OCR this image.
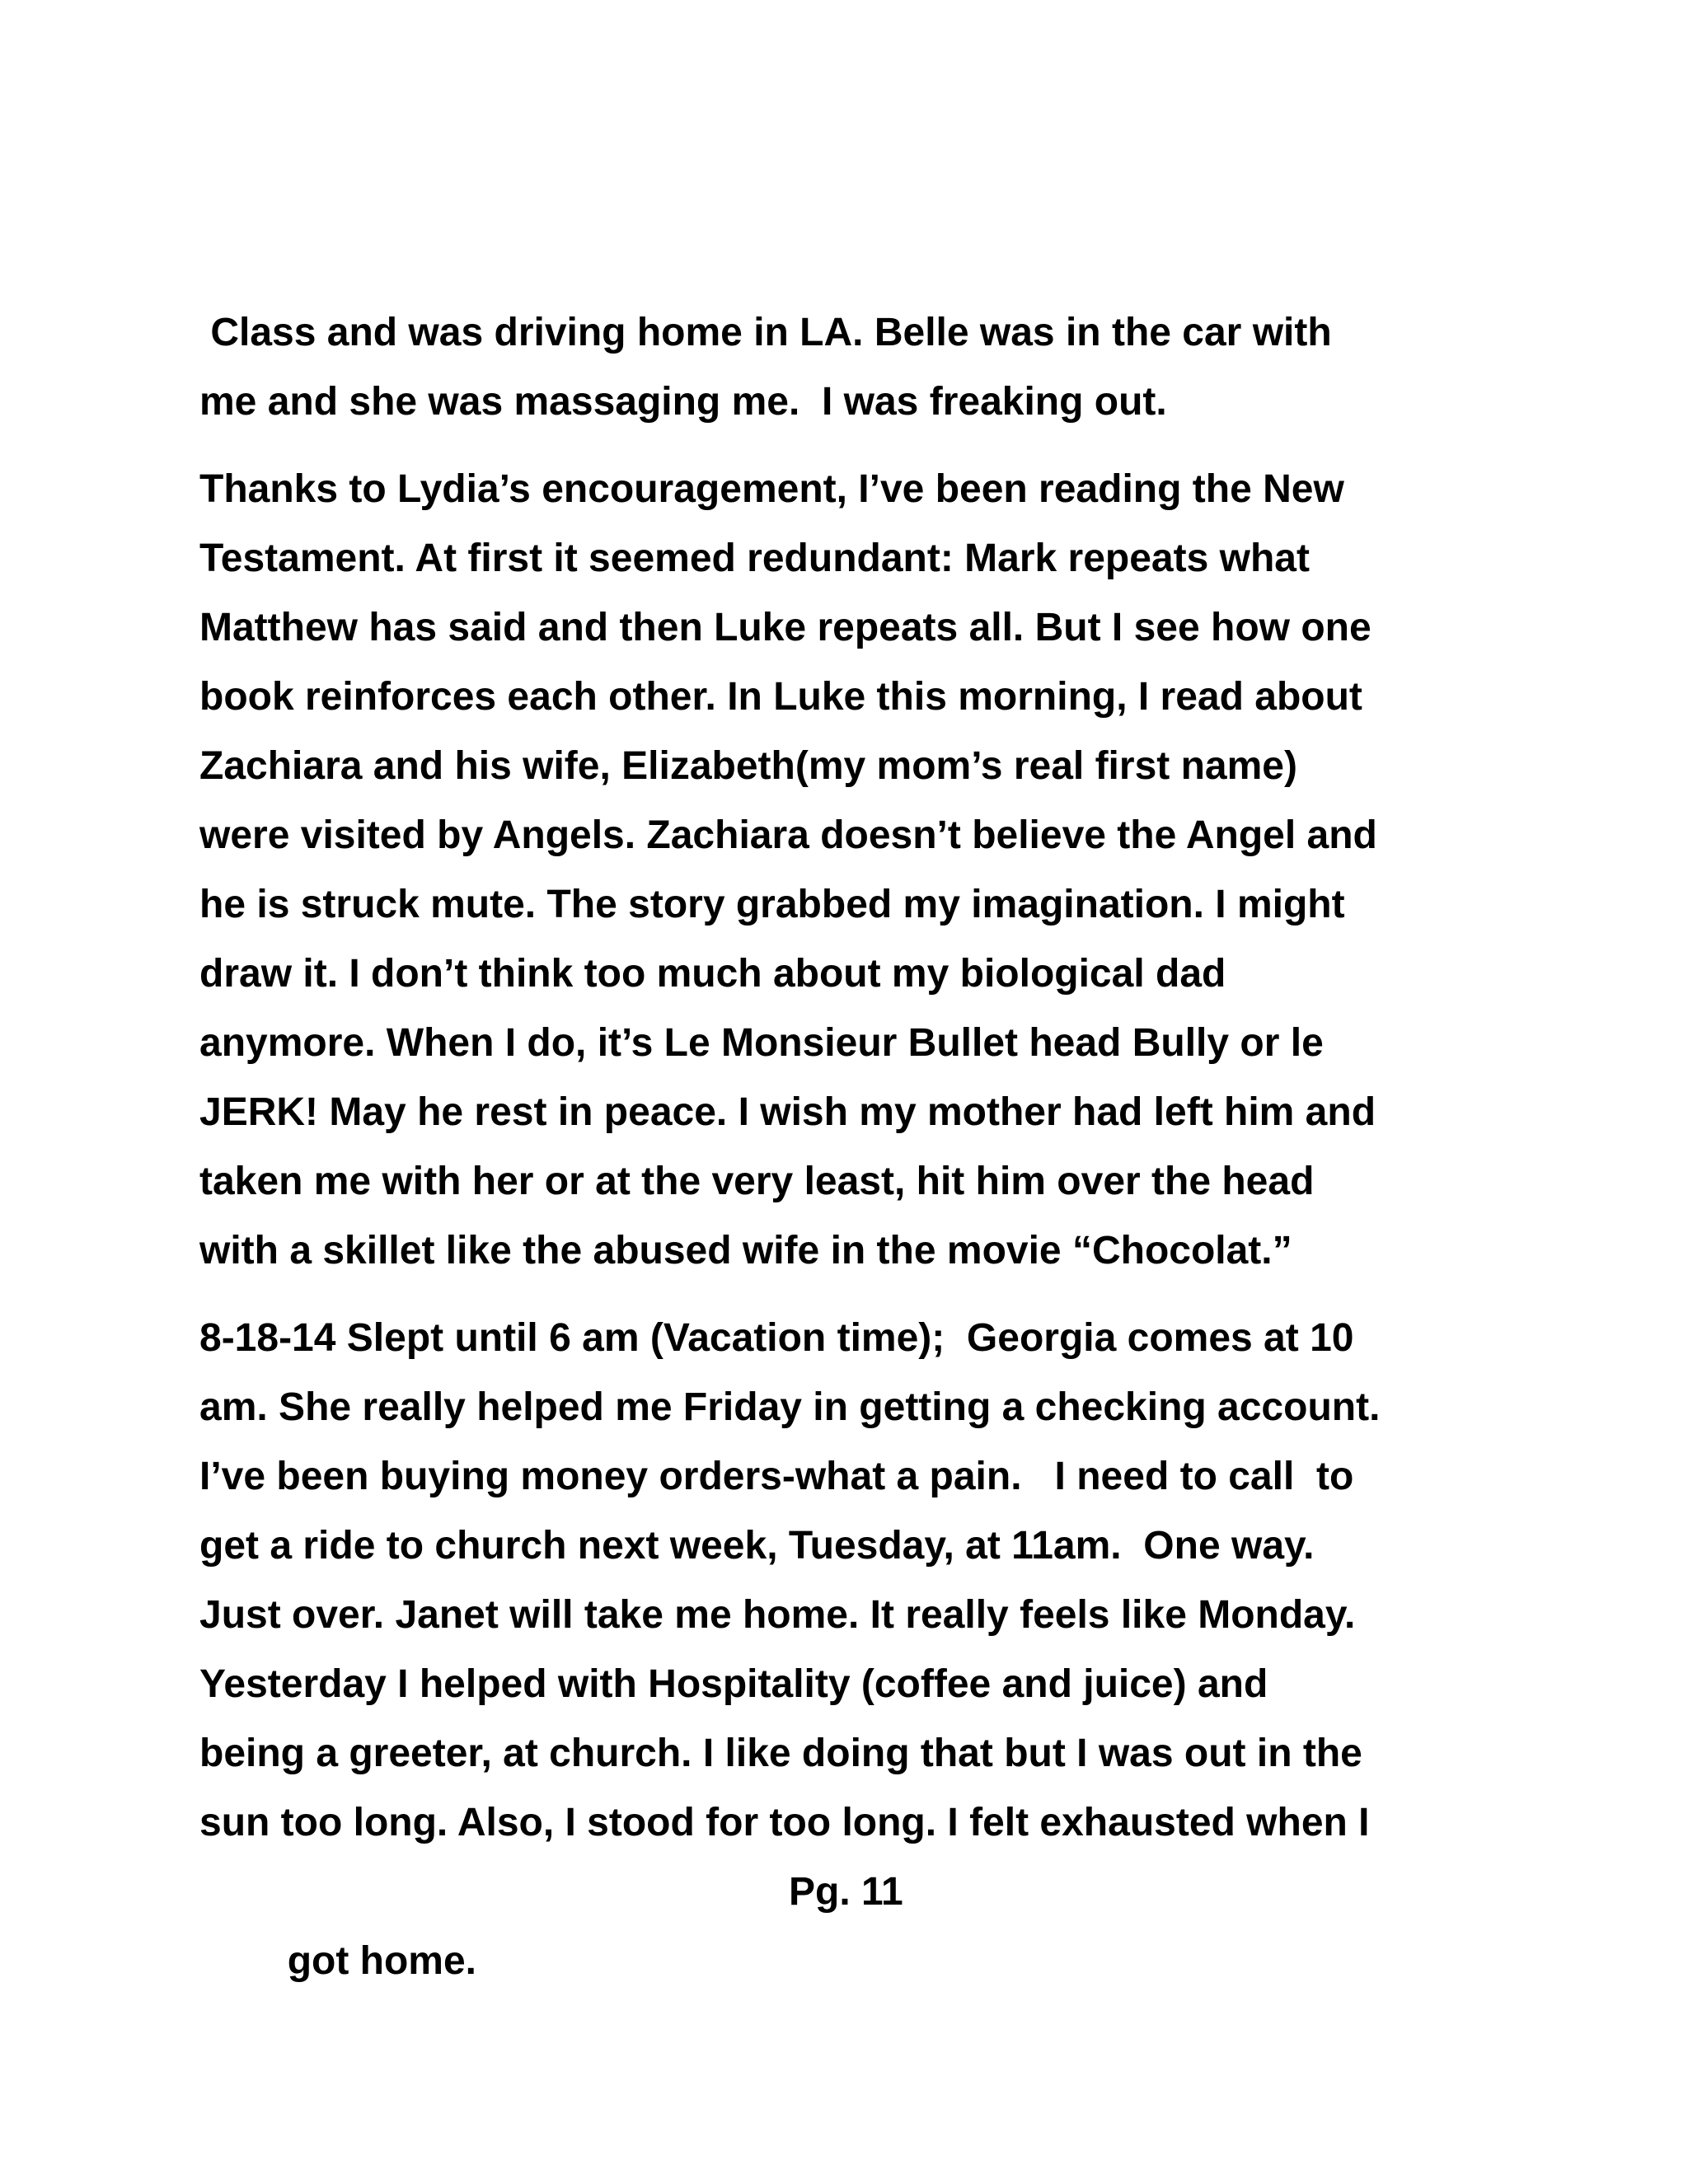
Class and was driving home in LA. Belle was in the car with
me and she was massaging me.  I was freaking out.
Thanks to Lydia’s encouragement, I’ve been reading the New
Testament. At first it seemed redundant: Mark repeats what
Matthew has said and then Luke repeats all. But I see how one
book reinforces each other. In Luke this morning, I read about
Zachiara and his wife, Elizabeth(my mom’s real first name)
were visited by Angels. Zachiara doesn’t believe the Angel and
he is struck mute. The story grabbed my imagination. I might
draw it. I don’t think too much about my biological dad
anymore. When I do, it’s Le Monsieur Bullet head Bully or le
JERK! May he rest in peace. I wish my mother had left him and
taken me with her or at the very least, hit him over the head
with a skillet like the abused wife in the movie “Chocolat.”
8-18-14 Slept until 6 am (Vacation time);  Georgia comes at 10
am. She really helped me Friday in getting a checking account.
I’ve been buying money orders-what a pain.   I need to call  to
get a ride to church next week, Tuesday, at 11am.  One way.
Just over. Janet will take me home. It really feels like Monday.
Yesterday I helped with Hospitality (coffee and juice) and
being a greeter, at church. I like doing that but I was out in the
sun too long. Also, I stood for too long. I felt exhausted when I

got home.

Pg. 11
